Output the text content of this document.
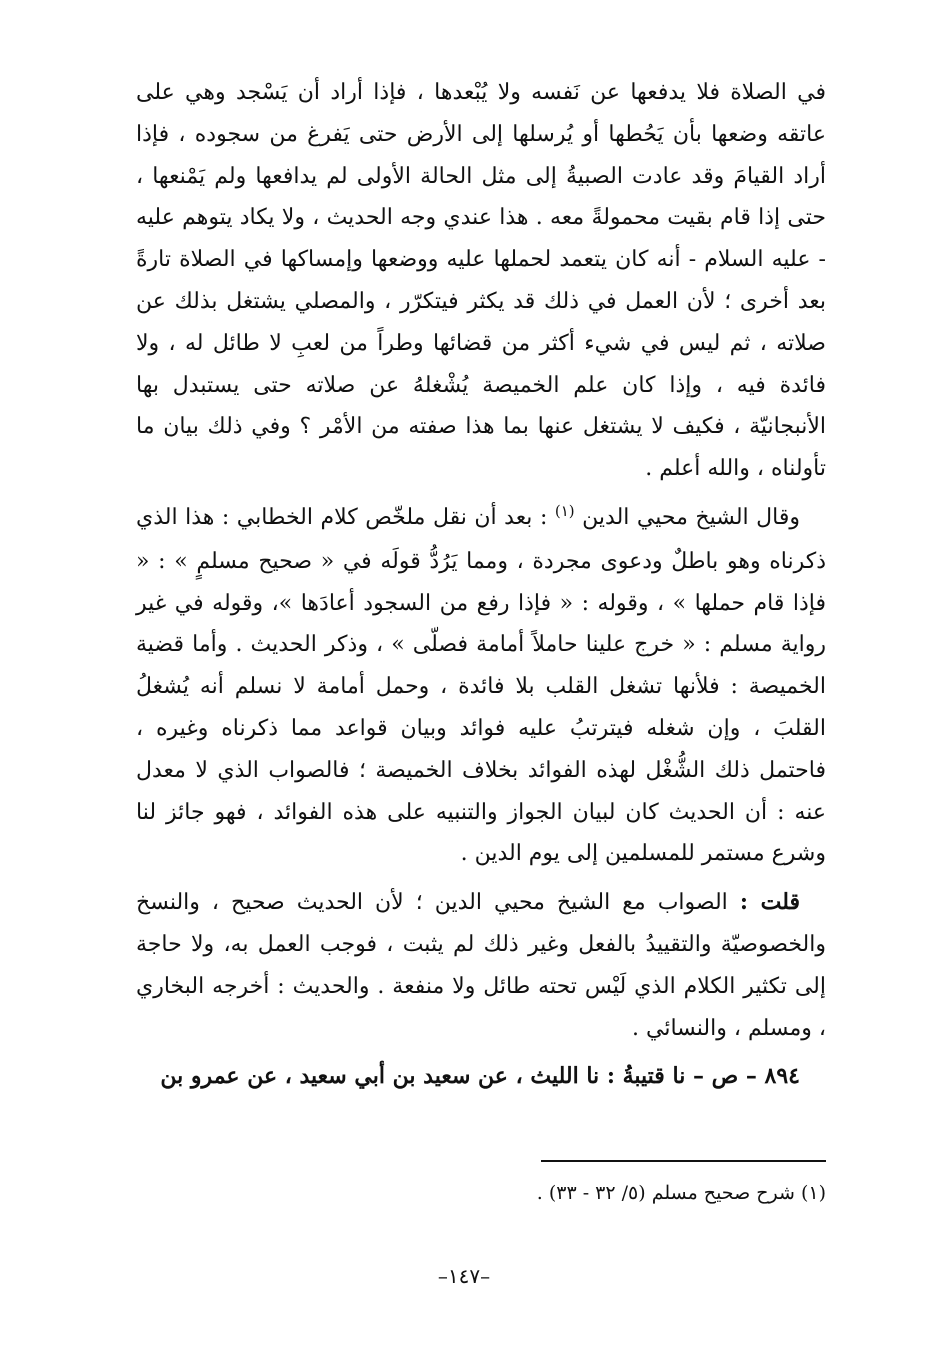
في الصلاة فلا يدفعها عن نَفسه ولا يُبْعدها ، فإذا أراد أن يَسْجد وهي على عاتقه وضعها بأن يَحُطها أو يُرسلها إلى الأرض حتى يَفرغ من سجوده ، فإذا أراد القيامَ وقد عادت الصبيةُ إلى مثل الحالة الأولى لم يدافعها ولم يَمْنعها ، حتى إذا قام بقيت محمولةً معه . هذا عندي وجه الحديث ، ولا يكاد يتوهم عليه - عليه السلام - أنه كان يتعمد لحملها عليه ووضعها وإمساكها في الصلاة تارةً بعد أخرى ؛ لأن العمل في ذلك قد يكثر فيتكرّر ، والمصلي يشتغل بذلك عن صلاته ، ثم ليس في شيء أكثر من قضائها وطراً من لعبِ لا طائل له ، ولا فائدة فيه ، وإذا كان علم الخميصة يُشْغلهُ عن صلاته حتى يستبدل بها الأنبجانيّة ، فكيف لا يشتغل عنها بما هذا صفته من الأمْر ؟ وفي ذلك بيان ما تأولناه ، والله أعلم .

وقال الشيخ محيي الدين $^{(١)}$ : بعد أن نقل ملخّص كلام الخطابي : هذا الذي ذكرناه وهو باطلٌ ودعوى مجردة ، ومما يَرُدُّ قولَه في « صحيح مسلمٍ » : « فإذا قام حملها » ، وقوله : « فإذا رفع من السجود أعادَها »، وقوله في غير رواية مسلم : « خرج علينا حاملاً أمامة فصلّى » ، وذكر الحديث . وأما قضية الخميصة : فلأنها تشغل القلب بلا فائدة ، وحمل أمامة لا نسلم أنه يُشغلُ القلبَ ، وإن شغله فيترتبُ عليه فوائد وبيان قواعد مما ذكرناه وغيره ، فاحتمل ذلك الشُّغْل لهذه الفوائد بخلاف الخميصة ؛ فالصواب الذي لا معدل عنه : أن الحديث كان لبيان الجواز والتنبيه على هذه الفوائد ، فهو جائز لنا وشرع مستمر للمسلمين إلى يوم الدين .

قلت : الصواب مع الشيخ محيي الدين ؛ لأن الحديث صحيح ، والنسخ والخصوصيّة والتقييدُ بالفعل وغير ذلك لم يثبت ، فوجب العمل به، ولا حاجة إلى تكثير الكلام الذي لَيْس تحته طائل ولا منفعة . والحديث : أخرجه البخاري ، ومسلم ، والنسائي .

٨٩٤ – ص – نا قتيبةُ : نا الليث ، عن سعيد بن أبي سعيد ، عن عمرو بن

(١) شرح صحيح مسلم (٥/ ٣٢ - ٣٣) .
–١٤٧–
